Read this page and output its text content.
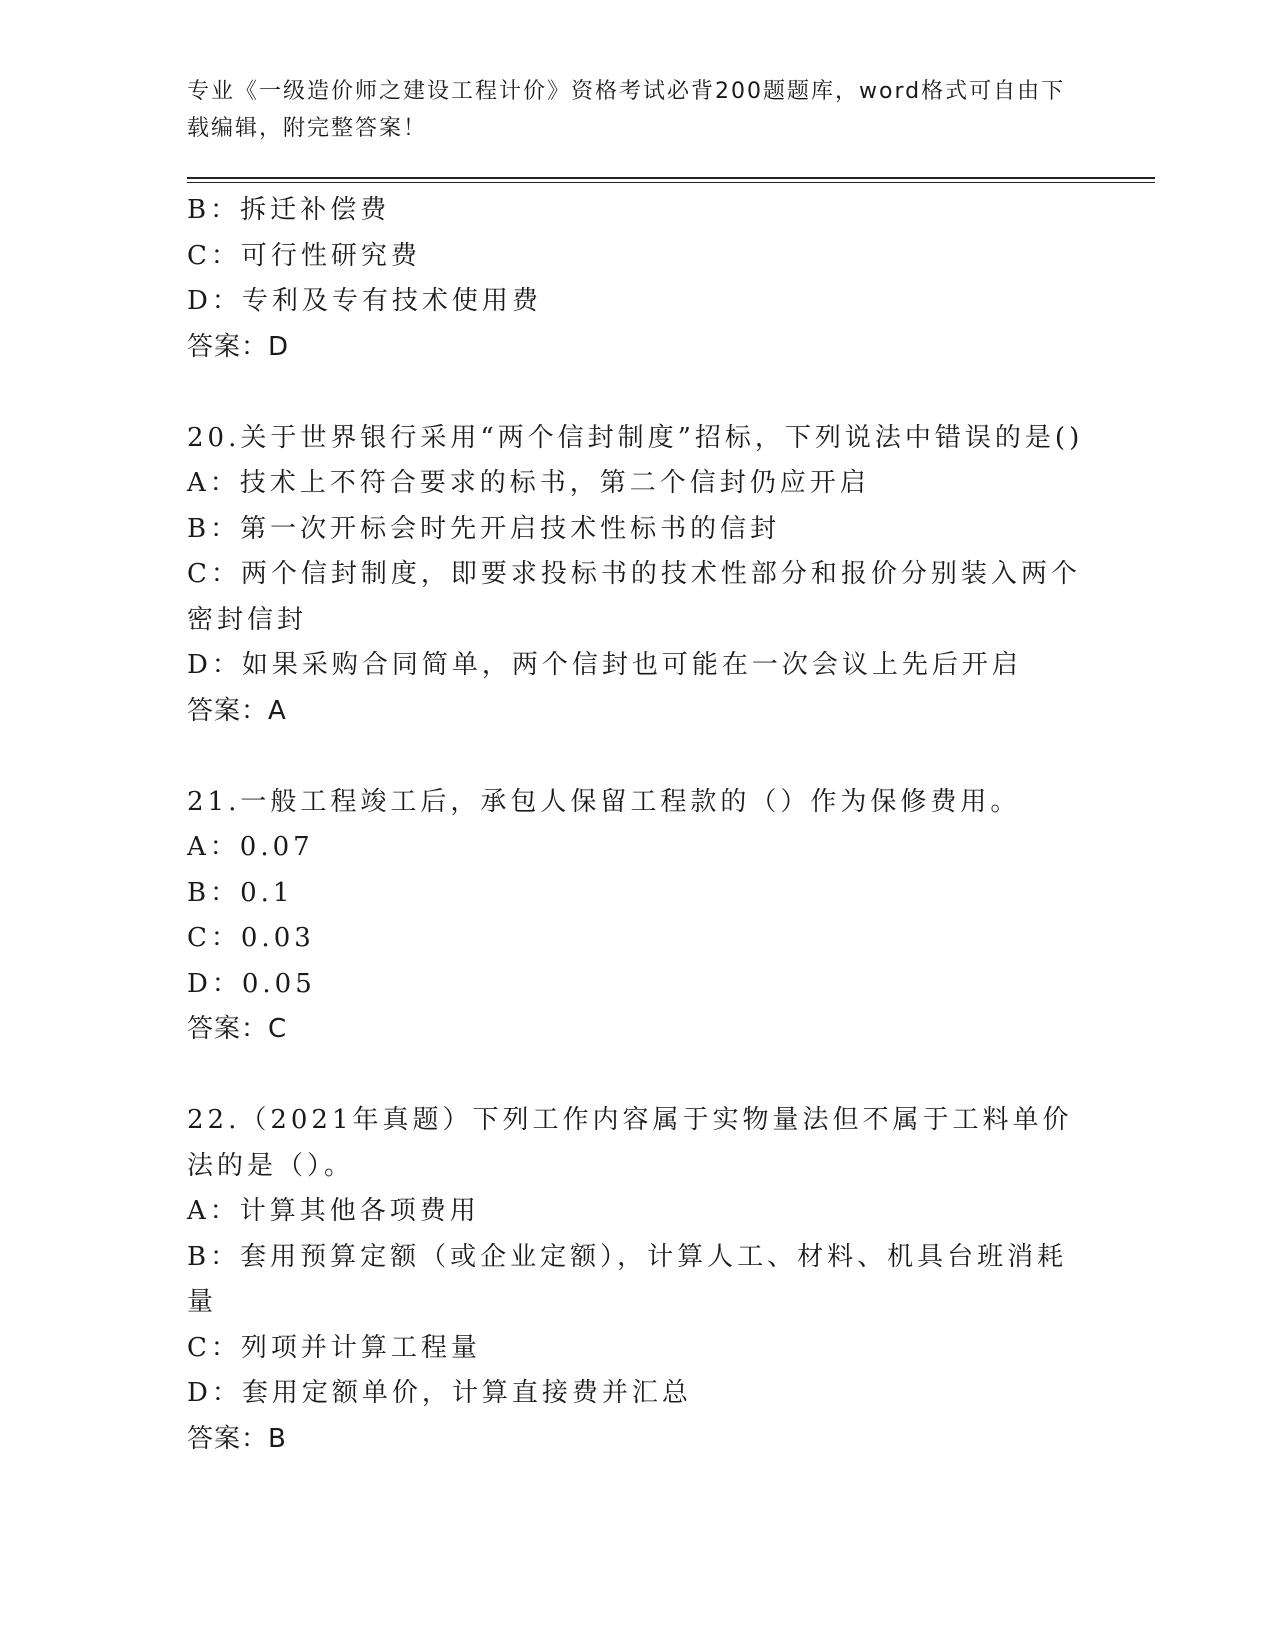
专业《一级造价师之建设工程计价》资格考试必背200题题库，word格式可自由下载编辑，附完整答案！

B：拆迁补偿费

C：可行性研究费

D：专利及专有技术使用费

答案：D

20.关于世界银行采用“两个信封制度”招标，下列说法中错误的是()

A：技术上不符合要求的标书，第二个信封仍应开启

B：第一次开标会时先开启技术性标书的信封

C：两个信封制度，即要求投标书的技术性部分和报价分别装入两个密封信封

D：如果采购合同简单，两个信封也可能在一次会议上先后开启

答案：A

21.一般工程竣工后，承包人保留工程款的（）作为保修费用。

A：0.07

B：0.1

C：0.03

D：0.05

答案：C

22.（2021年真题）下列工作内容属于实物量法但不属于工料单价法的是（）。

A：计算其他各项费用

B：套用预算定额（或企业定额），计算人工、材料、机具台班消耗量

C：列项并计算工程量

D：套用定额单价，计算直接费并汇总

答案：B
